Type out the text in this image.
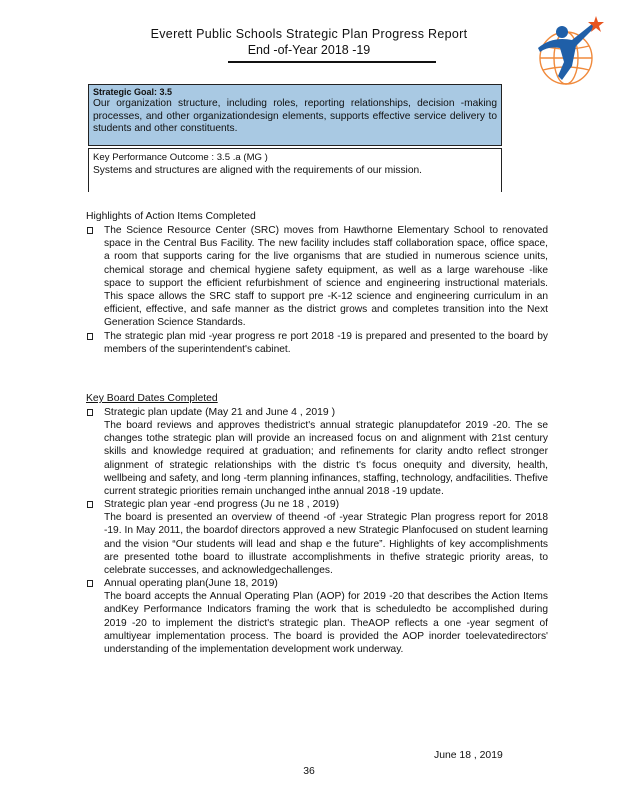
Everett Public Schools Strategic Plan Progress Report
End -of-Year 2018 -19
Strategic Goal: 3.5
Our organization structure, including roles, reporting relationships, decision -making processes, and other organizationdesign elements, supports effective service delivery to students and other constituents.
Key Performance Outcome : 3.5 .a (MG )
Systems and structures are aligned with the requirements of our mission.
Highlights of Action Items Completed
The Science Resource Center (SRC) moves from Hawthorne Elementary School to renovated space in the Central Bus Facility. The new facility includes staff collaboration space, office space, a room that supports caring for the live organisms that are studied in numerous science units, chemical storage and chemical hygiene safety equipment, as well as a large warehouse -like space to support the efficient refurbishment of science and engineering instructional materials. This space allows the SRC staff to support pre -K-12 science and engineering curriculum in an efficient, effective, and safe manner as the district grows and completes transition into the Next Generation Science Standards.
The strategic plan mid -year progress re port 2018 -19 is prepared and presented to the board by members of the superintendent's cabinet.
Key Board Dates Completed
Strategic plan update (May 21 and June 4 , 2019 )
The board reviews and approves thedistrict's annual strategic planupdatefor 2019 -20. The se changes tothe strategic plan will provide an increased focus on and alignment with 21st century skills and knowledge required at graduation; and refinements for clarity andto reflect stronger alignment of strategic relationships with the distric t's focus onequity and diversity, health, wellbeing and safety, and long -term planning infinances, staffing, technology, andfacilities. Thefive current strategic priorities remain unchanged inthe annual 2018 -19 update.
Strategic plan year -end progress (Ju ne 18 , 2019)
The board is presented an overview of theend -of -year Strategic Plan progress report for 2018 -19. In May 2011, the boardof directors approved a new Strategic Planfocused on student learning and the vision “Our students will lead and shap e the future”. Highlights of key accomplishments are presented tothe board to illustrate accomplishments in thefive strategic priority areas, to celebrate successes, and acknowledgechallenges.
Annual operating plan(June 18, 2019)
The board accepts the Annual Operating Plan (AOP) for 2019 -20 that describes the Action Items andKey Performance Indicators framing the work that is scheduledto be accomplished during 2019 -20 to implement the district's strategic plan. TheAOP reflects a one -year segment of amultiyear implementation process. The board is provided the AOP inorder toelevatedirectors' understanding of the implementation development work underway.
June 18 , 2019
36
